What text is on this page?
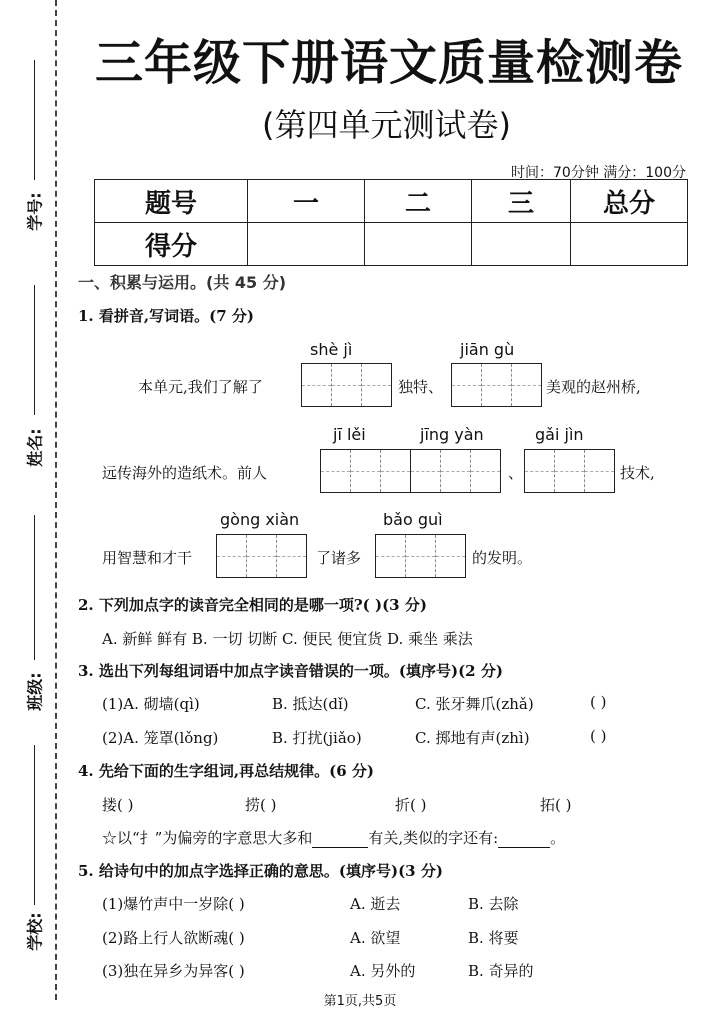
学号:
姓名:
班级:
学校:
三年级下册语文质量检测卷
(第四单元测试卷)
时间：70分钟 满分：100分
题号	一	二	三	总分
得分				
一、积累与运用。(共 45 分)
1. 看拼音,写词语。(7 分)
shè jì	jiān gù
本单元,我们了解了	独特、	美观的赵州桥,
jī lěi	jīng yàn	gǎi jìn
远传海外的造纸术。前人	、	技术,
gòng xiàn	bǎo guì
用智慧和才干	了诸多	的发明。
2. 下列加点字的读音完全相同的是哪一项?( )(3 分)
A. 新鲜 鲜有 B. 一切 切断 C. 便民 便宜货 D. 乘坐 乘法
3. 选出下列每组词语中加点字读音错误的一项。(填序号)(2 分)
(1)A. 砌墙(qì)	B. 抵达(dǐ)	C. 张牙舞爪(zhǎ)	( )
(2)A. 笼罩(lǒng)	B. 打扰(jiǎo)	C. 掷地有声(zhì)	( )
4. 先给下面的生字组词,再总结规律。(6 分)
搂( )	捞( )	折( )	拓( )
☆以“扌”为偏旁的字意思大多和	有关,类似的字还有:	。
5. 给诗句中的加点字选择正确的意思。(填序号)(3 分)
(1)爆竹声中一岁除( )	A. 逝去	B. 去除
(2)路上行人欲断魂( )	A. 欲望	B. 将要
(3)独在异乡为异客( )	A. 另外的	B. 奇异的
第1页,共5页
